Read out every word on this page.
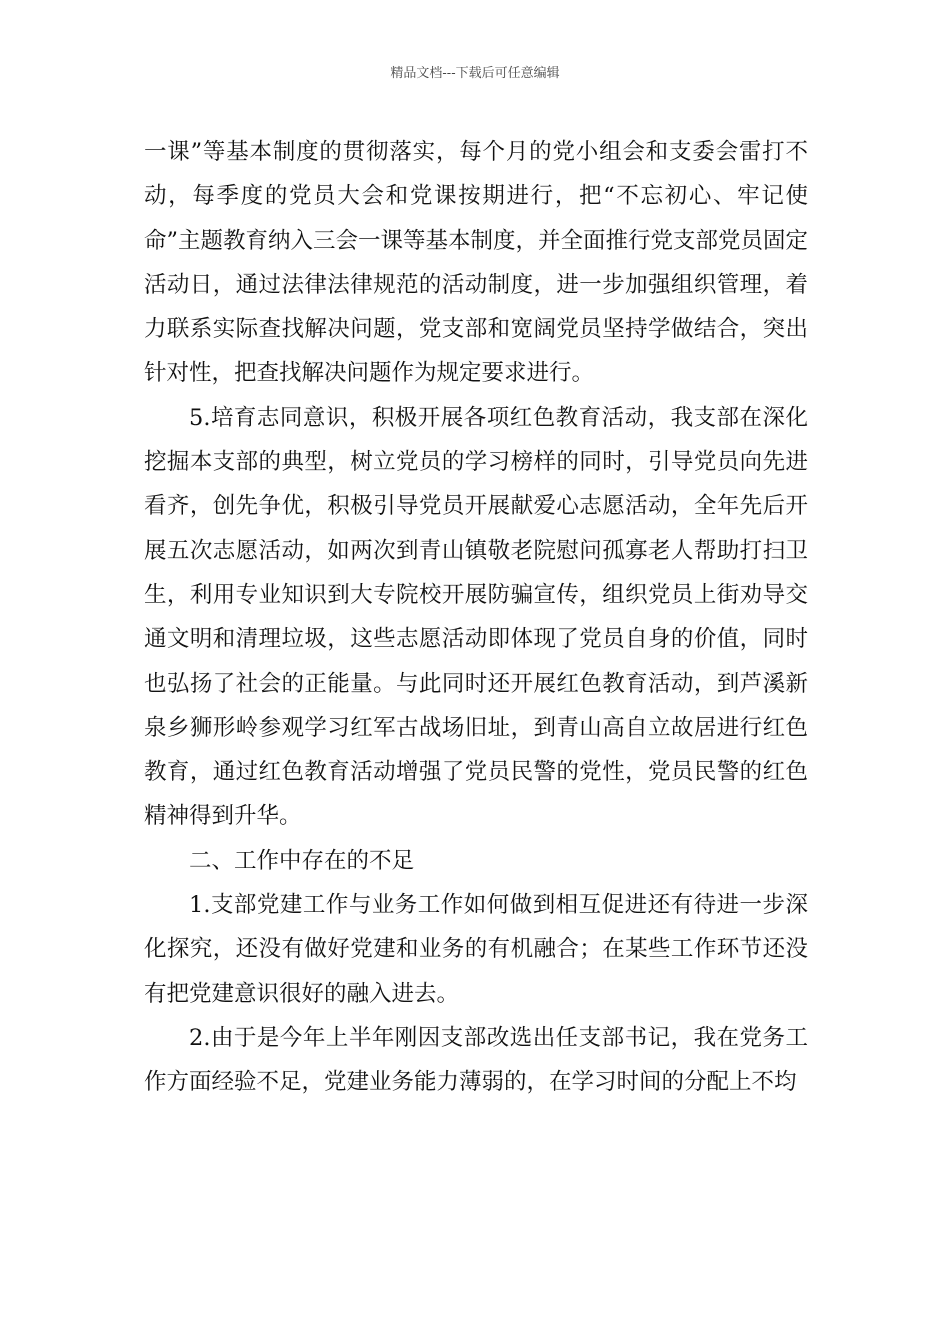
精品文档---下载后可任意编辑

一课”等基本制度的贯彻落实，每个月的党小组会和支委会雷打不动，每季度的党员大会和党课按期进行，把“不忘初心、牢记使命”主题教育纳入三会一课等基本制度，并全面推行党支部党员固定活动日，通过法律法律规范的活动制度，进一步加强组织管理，着力联系实际查找解决问题，党支部和宽阔党员坚持学做结合，突出针对性，把查找解决问题作为规定要求进行。

5.培育志同意识，积极开展各项红色教育活动，我支部在深化挖掘本支部的典型，树立党员的学习榜样的同时，引导党员向先进看齐，创先争优，积极引导党员开展献爱心志愿活动，全年先后开展五次志愿活动，如两次到青山镇敬老院慰问孤寡老人帮助打扫卫生，利用专业知识到大专院校开展防骗宣传，组织党员上街劝导交通文明和清理垃圾，这些志愿活动即体现了党员自身的价值，同时也弘扬了社会的正能量。与此同时还开展红色教育活动，到芦溪新泉乡狮形岭参观学习红军古战场旧址，到青山高自立故居进行红色教育，通过红色教育活动增强了党员民警的党性，党员民警的红色精神得到升华。

二、工作中存在的不足

1.支部党建工作与业务工作如何做到相互促进还有待进一步深化探究，还没有做好党建和业务的有机融合；在某些工作环节还没有把党建意识很好的融入进去。

2.由于是今年上半年刚因支部改选出任支部书记，我在党务工作方面经验不足，党建业务能力薄弱的，在学习时间的分配上不均
